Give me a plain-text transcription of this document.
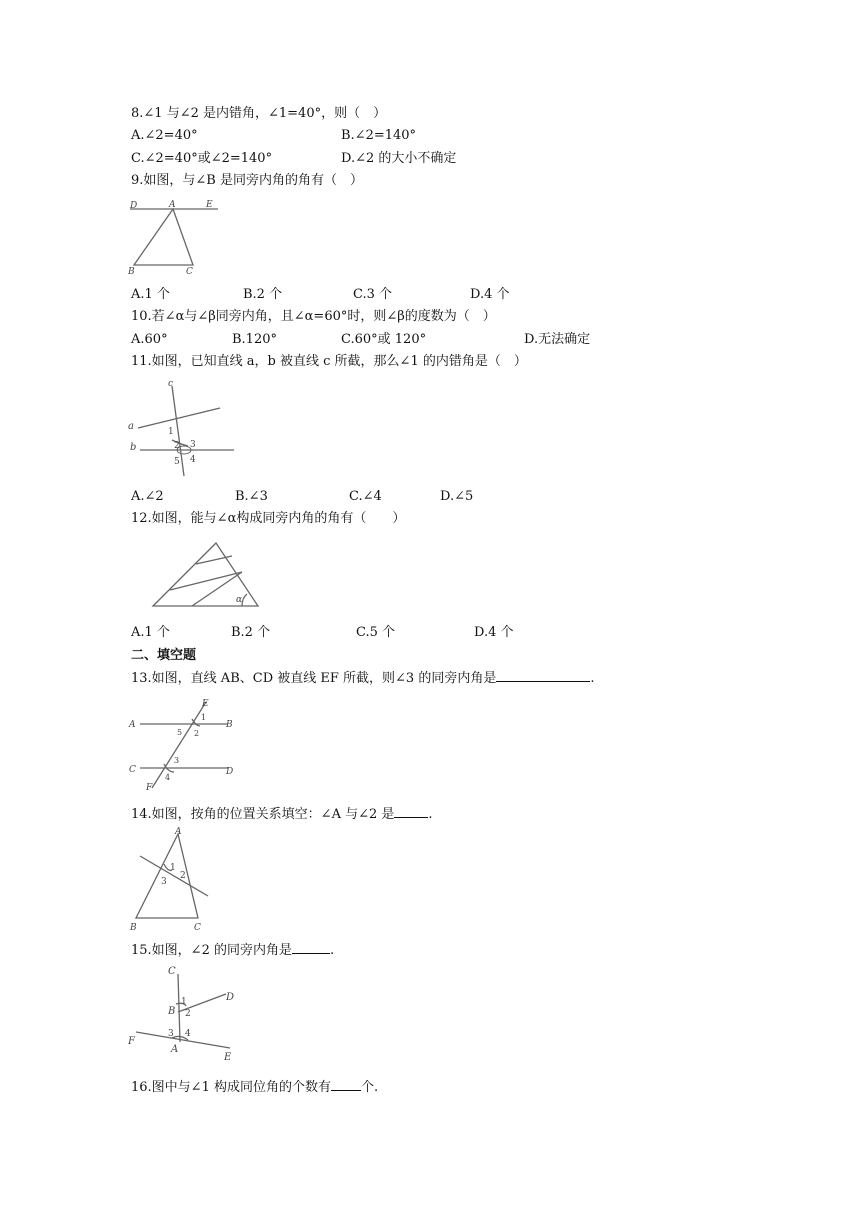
8.∠1 与∠2 是内错角，∠1=40°，则（　）
A.∠2=40°	B.∠2=140°
C.∠2=40°或∠2=140°	D.∠2 的大小不确定
9.如图，与∠B 是同旁内角的角有（　）
D	A	E
B	C
A.1 个	B.2 个	C.3 个	D.4 个
10.若∠α与∠β同旁内角，且∠α=60°时，则∠β的度数为（　）
A.60°	B.120°	C.60°或 120°	D.无法确定
11.如图，已知直线 a，b 被直线 c 所截，那么∠1 的内错角是（　）
c
a	1
b	2 3
5 4
A.∠2	B.∠3	C.∠4	D.∠5
12.如图，能与∠α构成同旁内角的角有（　　）
α
A.1 个	B.2 个	C.5 个	D.4 个
二、填空题
13.如图，直线 AB、CD 被直线 EF 所截，则∠3 的同旁内角是	.
E
1
A	B
5 2
3
C	D
4
F
14.如图，按角的位置关系填空：∠A 与∠2 是	.
A
1
2
3
B	C
15.如图，∠2 的同旁内角是	.
C
1	D
B 2
3 4
F
A
E
16.图中与∠1 构成同位角的个数有 个.
